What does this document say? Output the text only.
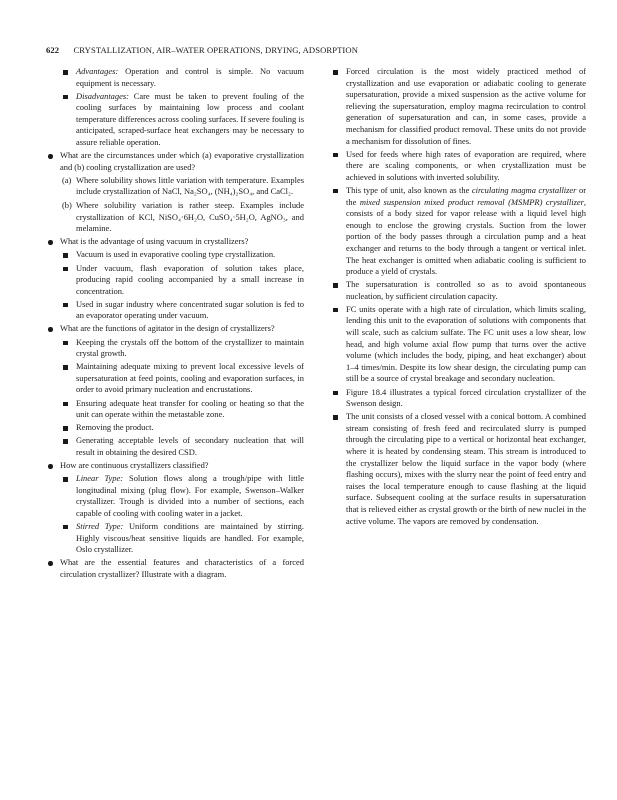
622 CRYSTALLIZATION, AIR–WATER OPERATIONS, DRYING, ADSORPTION
Advantages: Operation and control is simple. No vacuum equipment is necessary.
Disadvantages: Care must be taken to prevent fouling of the cooling surfaces by maintaining low process and coolant temperature differences across cooling surfaces. If severe fouling is anticipated, scraped-surface heat exchangers may be necessary to assure reliable operation.
What are the circumstances under which (a) evaporative crystallization and (b) cooling crystallization are used?
(a) Where solubility shows little variation with temperature. Examples include crystallization of NaCl, Na₂SO₄, (NH₄)₂SO₄, and CaCl₂.
(b) Where solubility variation is rather steep. Examples include crystallization of KCl, NiSO₄·6H₂O, CuSO₄·5H₂O, AgNO₃, and melamine.
What is the advantage of using vacuum in crystallizers?
Vacuum is used in evaporative cooling type crystallization.
Under vacuum, flash evaporation of solution takes place, producing rapid cooling accompanied by a small increase in concentration.
Used in sugar industry where concentrated sugar solution is fed to an evaporator operating under vacuum.
What are the functions of agitator in the design of crystallizers?
Keeping the crystals off the bottom of the crystallizer to maintain crystal growth.
Maintaining adequate mixing to prevent local excessive levels of supersaturation at feed points, cooling and evaporation surfaces, in order to avoid primary nucleation and encrustations.
Ensuring adequate heat transfer for cooling or heating so that the unit can operate within the metastable zone.
Removing the product.
Generating acceptable levels of secondary nucleation that will result in obtaining the desired CSD.
How are continuous crystallizers classified?
Linear Type: Solution flows along a trough/pipe with little longitudinal mixing (plug flow). For example, Swenson–Walker crystallizer. Trough is divided into a number of sections, each capable of cooling with cooling water in a jacket.
Stirred Type: Uniform conditions are maintained by stirring. Highly viscous/heat sensitive liquids are handled. For example, Oslo crystallizer.
What are the essential features and characteristics of a forced circulation crystallizer? Illustrate with a diagram.
Forced circulation is the most widely practiced method of crystallization and use evaporation or adiabatic cooling to generate supersaturation, provide a mixed suspension as the active volume for relieving the supersaturation, employ magma recirculation to control generation of supersaturation and can, in some cases, provide a mechanism for classified product removal. These units do not provide a mechanism for dissolution of fines.
Used for feeds where high rates of evaporation are required, where there are scaling components, or when crystallization must be achieved in solutions with inverted solubility.
This type of unit, also known as the circulating magma crystallizer or the mixed suspension mixed product removal (MSMPR) crystallizer, consists of a body sized for vapor release with a liquid level high enough to enclose the growing crystals. Suction from the lower portion of the body passes through a circulation pump and a heat exchanger and returns to the body through a tangent or vertical inlet. The heat exchanger is omitted when adiabatic cooling is sufficient to produce a yield of crystals.
The supersaturation is controlled so as to avoid spontaneous nucleation, by sufficient circulation capacity.
FC units operate with a high rate of circulation, which limits scaling, lending this unit to the evaporation of solutions with components that will scale, such as calcium sulfate. The FC unit uses a low shear, low head, and high volume axial flow pump that turns over the active volume (which includes the body, piping, and heat exchanger) about 1–4 times/min. Despite its low shear design, the circulating pump can still be a source of crystal breakage and secondary nucleation.
Figure 18.4 illustrates a typical forced circulation crystallizer of the Swenson design.
The unit consists of a closed vessel with a conical bottom. A combined stream consisting of fresh feed and recirculated slurry is pumped through the circulating pipe to a vertical or horizontal heat exchanger, where it is heated by condensing steam. This stream is introduced to the crystallizer below the liquid surface in the vapor body (where flashing occurs), mixes with the slurry near the point of feed entry and raises the local temperature enough to cause flashing at the liquid surface. Subsequent cooling at the surface results in supersaturation that is relieved either as crystal growth or the birth of new nuclei in the active volume. The vapors are removed by condensation.
